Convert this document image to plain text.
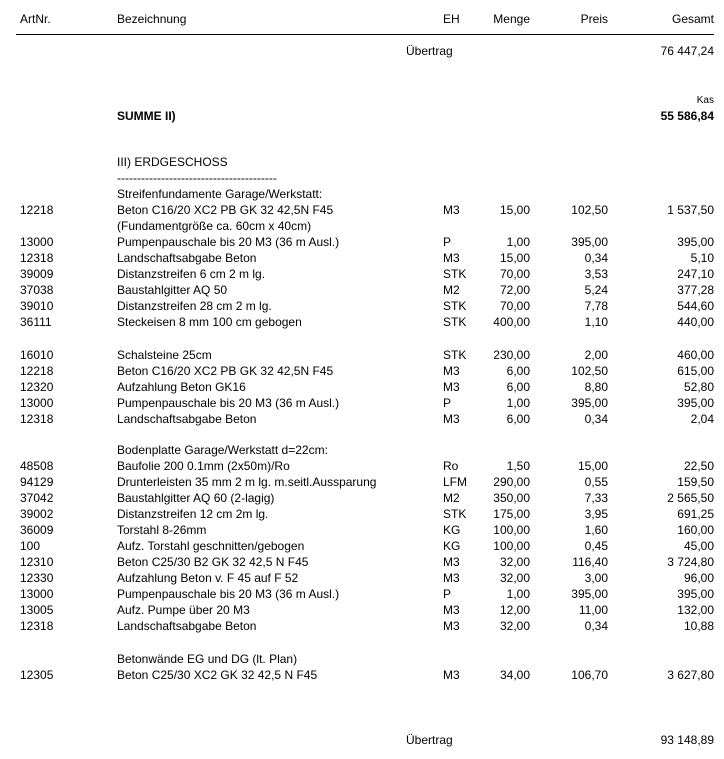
ArtNr.	Bezeichnung	EH	Menge	Preis	Gesamt
Übertrag	76 447,24
Kas
SUMME II)	55 586,84
III) ERDGESCHOSS
----------------------------------------
Streifenfundamente Garage/Werkstatt:
12218	Beton C16/20 XC2 PB GK 32 42,5N F45	M3	15,00	102,50	1 537,50
(Fundamentgröße ca. 60cm x 40cm)
13000	Pumpenpauschale bis 20 M3 (36 m Ausl.)	P	1,00	395,00	395,00
12318	Landschaftsabgabe Beton	M3	15,00	0,34	5,10
39009	Distanzstreifen 6 cm 2 m lg.	STK	70,00	3,53	247,10
37038	Baustahlgitter AQ 50	M2	72,00	5,24	377,28
39010	Distanzstreifen 28 cm 2 m lg.	STK	70,00	7,78	544,60
36111	Steckeisen 8 mm 100 cm gebogen	STK 400,00	1,10	440,00
16010	Schalsteine 25cm	STK 230,00	2,00	460,00
12218	Beton C16/20 XC2 PB GK 32 42,5N F45	M3	6,00	102,50	615,00
12320	Aufzahlung Beton GK16	M3	6,00	8,80	52,80
13000	Pumpenpauschale bis 20 M3 (36 m Ausl.)	P	1,00	395,00	395,00
12318	Landschaftsabgabe Beton	M3	6,00	0,34	2,04
Bodenplatte Garage/Werkstatt d=22cm:
48508	Baufolie 200 0.1mm (2x50m)/Ro	Ro	1,50	15,00	22,50
94129	Drunterleisten 35 mm 2 m lg. m.seitl.Aussparung	LFM 290,00	0,55	159,50
37042	Baustahlgitter AQ 60 (2-lagig)	M2	350,00	7,33	2 565,50
39002	Distanzstreifen 12 cm 2m lg.	STK 175,00	3,95	691,25
36009	Torstahl 8-26mm	KG	100,00	1,60	160,00
100	Aufz. Torstahl geschnitten/gebogen	KG	100,00	0,45	45,00
12310	Beton C25/30 B2 GK 32 42,5 N F45	M3	32,00	116,40	3 724,80
12330	Aufzahlung Beton v. F 45 auf F 52	M3	32,00	3,00	96,00
13000	Pumpenpauschale bis 20 M3 (36 m Ausl.)	P	1,00	395,00	395,00
13005	Aufz. Pumpe über 20 M3	M3	12,00	11,00	132,00
12318	Landschaftsabgabe Beton	M3	32,00	0,34	10,88
Betonwände EG und DG (lt. Plan)
12305	Beton C25/30 XC2 GK 32 42,5 N F45	M3	34,00	106,70	3 627,80
Übertrag	93 148,89
